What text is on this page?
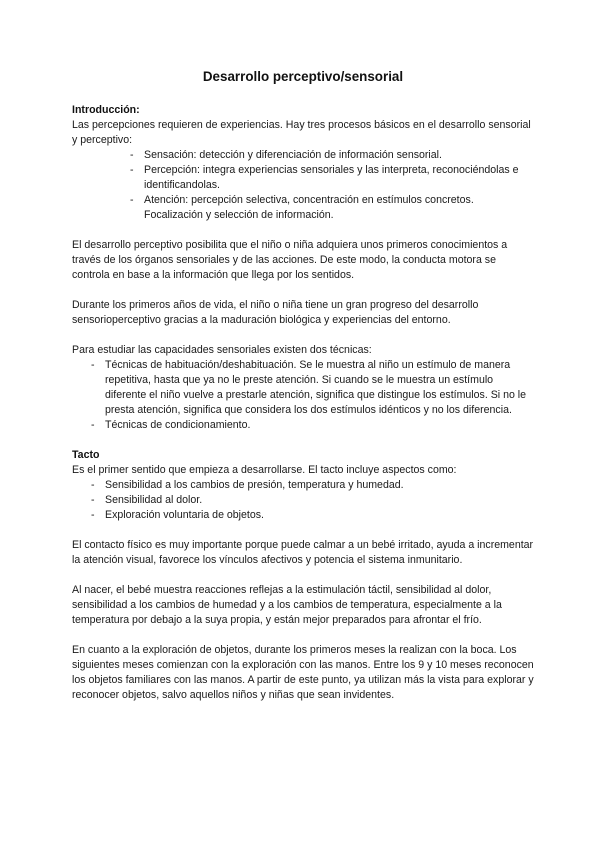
Desarrollo perceptivo/sensorial
Introducción:

Las percepciones requieren de experiencias. Hay tres procesos básicos en el desarrollo sensorial y perceptivo:

- Sensación: detección y diferenciación de información sensorial.
- Percepción: integra experiencias sensoriales y las interpreta, reconociéndolas e identificandolas.
- Atención: percepción selectiva, concentración en estímulos concretos. Focalización y selección de información.

El desarrollo perceptivo posibilita que el niño o niña adquiera unos primeros conocimientos a través de los órganos sensoriales y de las acciones. De este modo, la conducta motora se controla en base a la información que llega por los sentidos.

Durante los primeros años de vida, el niño o niña tiene un gran progreso del desarrollo sensorioperceptivo gracias a la maduración biológica y experiencias del entorno.

Para estudiar las capacidades sensoriales existen dos técnicas:

- Técnicas de habituación/deshabituación. Se le muestra al niño un estímulo de manera repetitiva, hasta que ya no le preste atención. Si cuando se le muestra un estímulo diferente el niño vuelve a prestarle atención, significa que distingue los estímulos. Si no le presta atención, significa que considera los dos estímulos idénticos y no los diferencia.
- Técnicas de condicionamiento.
Tacto

Es el primer sentido que empieza a desarrollarse. El tacto incluye aspectos como:

- Sensibilidad a los cambios de presión, temperatura y humedad.
- Sensibilidad al dolor.
- Exploración voluntaria de objetos.

El contacto físico es muy importante porque puede calmar a un bebé irritado, ayuda a incrementar la atención visual, favorece los vínculos afectivos y potencia el sistema inmunitario.

Al nacer, el bebé muestra reacciones reflejas a la estimulación táctil, sensibilidad al dolor, sensibilidad a los cambios de humedad y a los cambios de temperatura, especialmente a la temperatura por debajo a la suya propia, y están mejor preparados para afrontar el frío.

En cuanto a la exploración de objetos, durante los primeros meses la realizan con la boca. Los siguientes meses comienzan con la exploración con las manos. Entre los 9 y 10 meses reconocen los objetos familiares con las manos. A partir de este punto, ya utilizan más la vista para explorar y reconocer objetos, salvo aquellos niños y niñas que sean invidentes.
